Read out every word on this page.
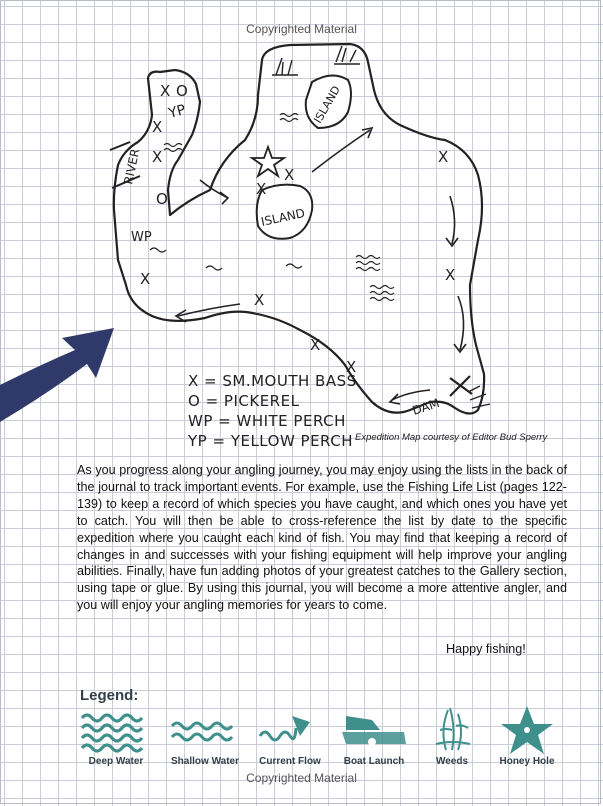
Copyrighted Material
ISLAND
ISLAND
RIVER
DAM
YP
WP
X O
X
X
O
X
X
X
X
X
X
X
X
X = SM.MOUTH BASS
O = PICKEREL
WP = WHITE PERCH
YP = YELLOW PERCH Expedition Map courtesy of Editor Bud Sperry
As you progress along your angling journey, you may enjoy using the lists in the back of the journal to track important events. For example, use the Fishing Life List (pages 122-139) to keep a record of which species you have caught, and which ones you have yet to catch. You will then be able to cross-reference the list by date to the specific expedition where you caught each kind of fish. You may find that keeping a record of changes in and successes with your fishing equipment will help improve your angling abilities. Finally, have fun adding photos of your greatest catches to the Gallery section, using tape or glue. By using this journal, you will become a more attentive angler, and you will enjoy your angling memories for years to come.
Happy fishing!
Legend:
Deep Water	Shallow Water Current Flow Boat Launch	Weeds	Honey Hole
Copyrighted Material
